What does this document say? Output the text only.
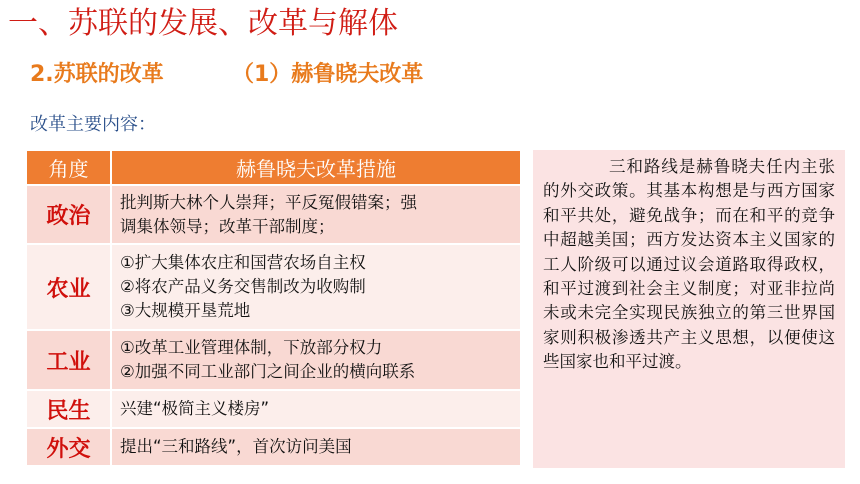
一、苏联的发展、改革与解体
2.苏联的改革	（1）赫鲁晓夫改革
改革主要内容：
角度	赫鲁晓夫改革措施
政治	批判斯大林个人崇拜；平反冤假错案；强
调集体领导；改革干部制度；

农业	①扩大集体农庄和国营农场自主权
②将农产品义务交售制改为收购制
③大规模开垦荒地

工业	①改革工业管理体制，下放部分权力
②加强不同工业部门之间企业的横向联系

民生	兴建“极简主义楼房”

外交	提出“三和路线”，首次访问美国

三和路线是赫鲁晓夫任内主张的外交政策。其基本构想是与西方国家和平共处，避免战争；而在和平的竞争中超越美国；西方发达资本主义国家的工人阶级可以通过议会道路取得政权，和平过渡到社会主义制度；对亚非拉尚未或未完全实现民族独立的第三世界国家则积极渗透共产主义思想，以便使这些国家也和平过渡。
